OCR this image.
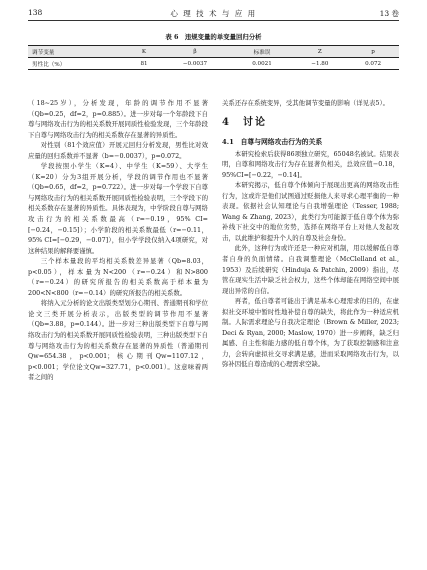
138	心 理 技 术 与 应 用	13 卷
表 6　违规变量的单变量回归分析
调节变量	K	β	标准误	Z	p
男性比（%）	81	−0.0037	0.0021	−1.80	0.072

（18~25岁），分析发现，年龄的调节作用不显著（Qb=0.25，df=2，p=0.885）。进一步对每一个年龄段下自尊与网络攻击行为的相关系数开展同质性检验发现，三个年龄段下自尊与网络攻击行为的相关系数存在显著的异质性。

对性别（81个效应值）开展元回归分析发现，男性比对效应量的回归系数并不显著（b=−0.0037），p=0.072。

学段按照小学生（K=4）、中学生（K=59）、大学生（K=20）分为3组开展分析，学段的调节作用也不显著（Qb=0.65，df=2，p=0.722）。进一步对每一个学段下自尊与网络攻击行为的相关系数开展同质性检验表明，三个学段下的相关系数存在显著的异质性。具体表现为，中学阶段自尊与网络攻击行为的相关系数最高（r=−0.19，95% CI=[−0.24，−0.15]）；小学阶段的相关系数最低（r=−0.11，95% CI=[−0.29，−0.07]），但小学学段仅纳入4项研究，对这种结果的解释要谨慎。

三个样本量段的平均相关系数差异显著（Qb=8.03，p<0.05），样本量为N<200（r=−0.24）和N>800（r=−0.24）的研究所报告的相关系数高于样本量为200<N<800（r=−0.14）的研究所报告的相关系数。

将纳入元分析的论文出版类型划分心期刊、普通期刊和学位论文三类开展分析表示，出版类型的调节作用不显著（Qb=3.88，p=0.144）。进一步对三种出版类型下自尊与网络攻击行为的相关系数开展同质性检验表明，三种出版类型下自尊与网络攻击行为的相关系数存在显著的异质性（普通期刊Qw=654.38，p<0.001；核心期刊Qw=1107.12，p<0.001；学位论文Qw=327.71，p<0.001）。这意味着两者之间的

关系还存在系统变异，受其他调节变量的影响（详见表5）。

4　讨论
4.1　自尊与网络攻击行为的关系

本研究检索后获得86项独立研究，65048名被试。结果表明，自尊和网络攻击行为存在显著负相关，总效应值−0.18，95%CI=[−0.22，−0.14]。

本研究揭示，低自尊个体倾向于展现出更高的网络攻击性行为，这或许是他们试图通过贬损他人来寻求心理平衡的一种表现。依据社会认知理论与自我增强理论（Tesser, 1988; Wang & Zhang, 2023），此类行为可能源于低自尊个体为弥补线下社交中的地位劣势，选择在网络平台上对他人发起攻击，以此维护和提升个人的自尊及社会身份。

此外，这种行为或许还是一种应对机制，用以缓解低自尊者自身的负面情绪。自我调整理论（McClelland et al., 1953）及后续研究（Hinduja & Patchin, 2009）指出，尽管在现实生活中缺乏社会权力，这些个体却能在网络空间中展现出异常的自信。

再者，低自尊者可能出于满足基本心理需求的目的，在虚拟社交环境中暂时性地补偿自尊的缺失，将此作为一种适应机制。人际需求理论与自我决定理论（Brown & Miller, 2023; Deci & Ryan, 2000; Maslow, 1970）进一步阐释，缺乏归属感、自主性和能力感的低自尊个体，为了获取控制感和注意力，会转向虚拟社交寻求满足感，进而采取网络攻击行为，以弥补因低自尊造成的心理需求空缺。
